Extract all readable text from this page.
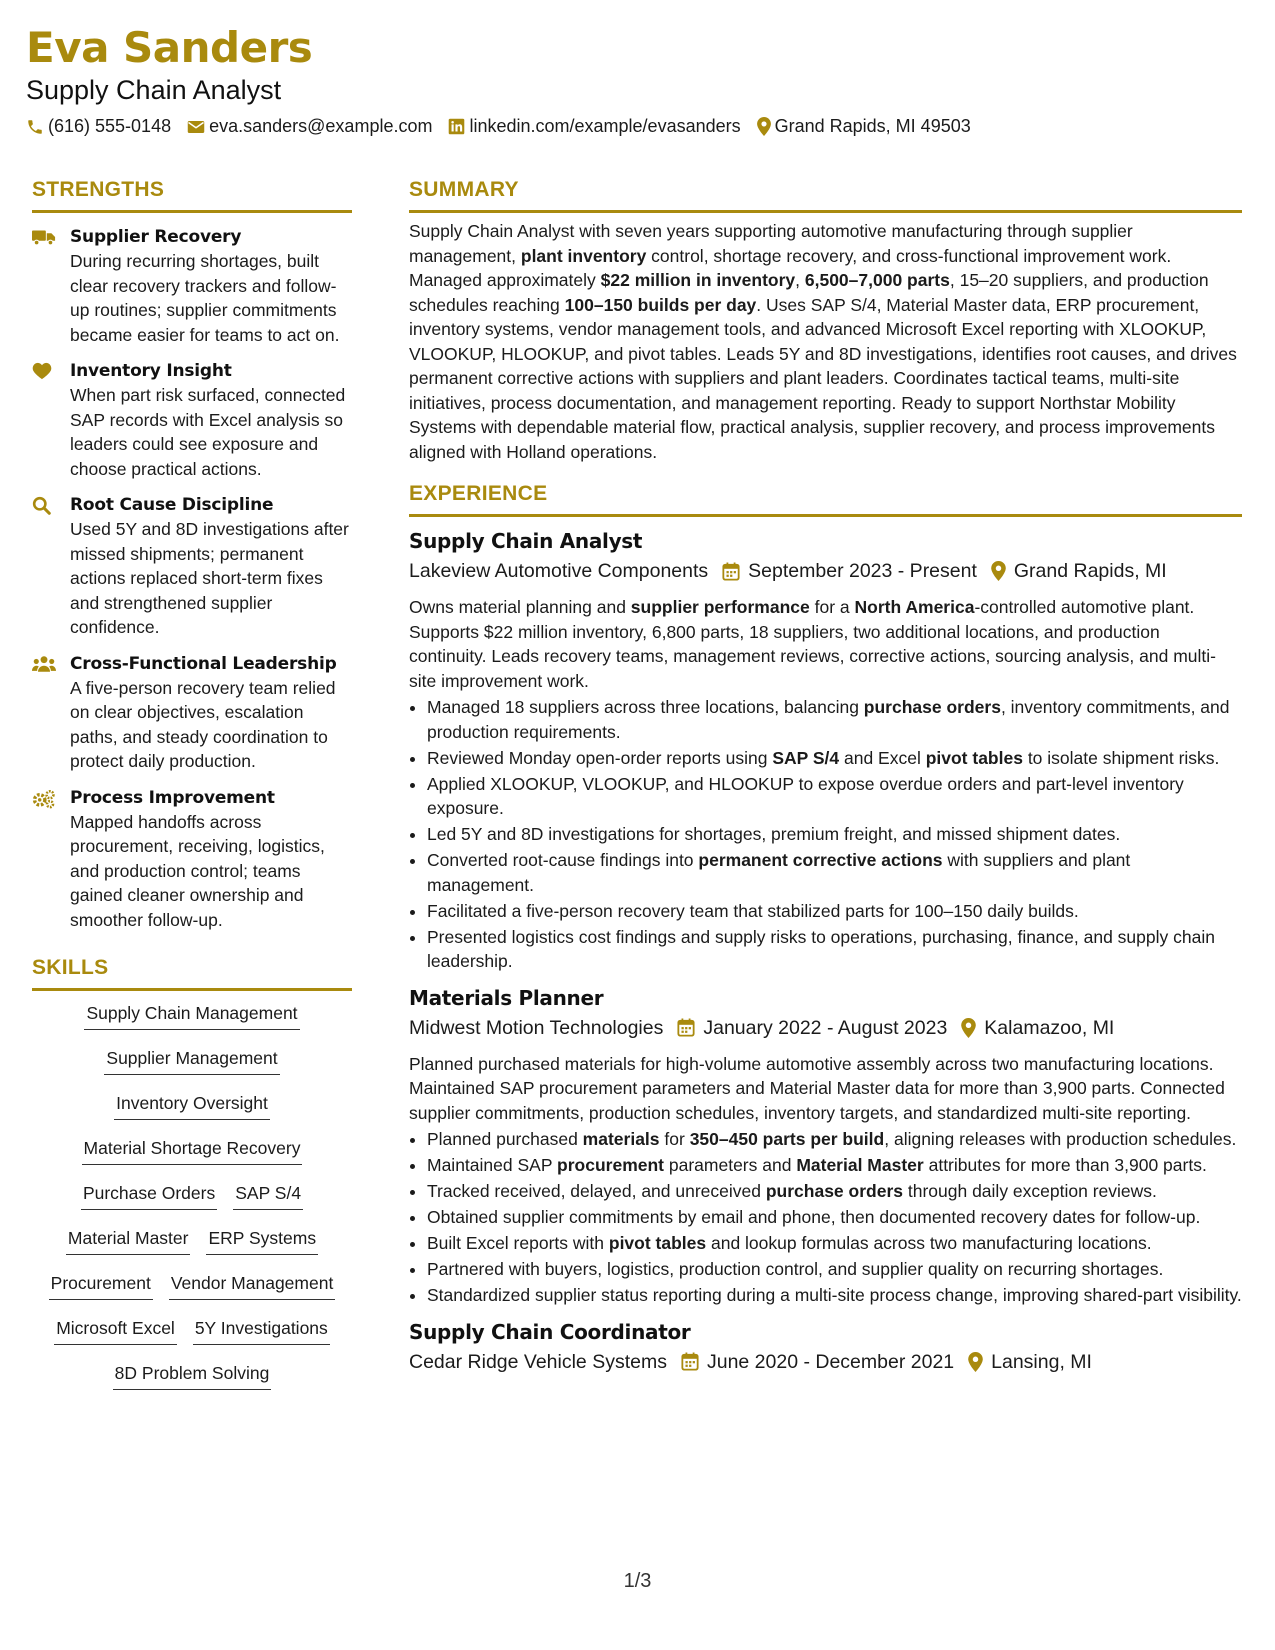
Eva Sanders
Supply Chain Analyst
(616) 555-0148 eva.sanders@example.com linkedin.com/example/evasanders Grand Rapids, MI 49503
STRENGTHS
Supplier Recovery
During recurring shortages, built clear recovery trackers and follow-up routines; supplier commitments became easier for teams to act on.
Inventory Insight
When part risk surfaced, connected SAP records with Excel analysis so leaders could see exposure and choose practical actions.
Root Cause Discipline
Used 5Y and 8D investigations after missed shipments; permanent actions replaced short-term fixes and strengthened supplier confidence.
Cross-Functional Leadership
A five-person recovery team relied on clear objectives, escalation paths, and steady coordination to protect daily production.
Process Improvement
Mapped handoffs across procurement, receiving, logistics, and production control; teams gained cleaner ownership and smoother follow-up.
SKILLS
Supply Chain Management
Supplier Management
Inventory Oversight
Material Shortage Recovery
Purchase Orders SAP S/4
Material Master ERP Systems
Procurement Vendor Management
Microsoft Excel 5Y Investigations
8D Problem Solving
SUMMARY
Supply Chain Analyst with seven years supporting automotive manufacturing through supplier management, plant inventory control, shortage recovery, and cross-functional improvement work. Managed approximately $22 million in inventory, 6,500–7,000 parts, 15–20 suppliers, and production schedules reaching 100–150 builds per day. Uses SAP S/4, Material Master data, ERP procurement, inventory systems, vendor management tools, and advanced Microsoft Excel reporting with XLOOKUP, VLOOKUP, HLOOKUP, and pivot tables. Leads 5Y and 8D investigations, identifies root causes, and drives permanent corrective actions with suppliers and plant leaders. Coordinates tactical teams, multi-site initiatives, process documentation, and management reporting. Ready to support Northstar Mobility Systems with dependable material flow, practical analysis, supplier recovery, and process improvements aligned with Holland operations.
EXPERIENCE
Supply Chain Analyst
Lakeview Automotive Components September 2023 - Present Grand Rapids, MI
Owns material planning and supplier performance for a North America-controlled automotive plant. Supports $22 million inventory, 6,800 parts, 18 suppliers, two additional locations, and production continuity. Leads recovery teams, management reviews, corrective actions, sourcing analysis, and multi-site improvement work.
• Managed 18 suppliers across three locations, balancing purchase orders, inventory commitments, and production requirements.
• Reviewed Monday open-order reports using SAP S/4 and Excel pivot tables to isolate shipment risks.
• Applied XLOOKUP, VLOOKUP, and HLOOKUP to expose overdue orders and part-level inventory exposure.
• Led 5Y and 8D investigations for shortages, premium freight, and missed shipment dates.
• Converted root-cause findings into permanent corrective actions with suppliers and plant management.
• Facilitated a five-person recovery team that stabilized parts for 100–150 daily builds.
• Presented logistics cost findings and supply risks to operations, purchasing, finance, and supply chain leadership.
Materials Planner
Midwest Motion Technologies January 2022 - August 2023 Kalamazoo, MI
Planned purchased materials for high-volume automotive assembly across two manufacturing locations. Maintained SAP procurement parameters and Material Master data for more than 3,900 parts. Connected supplier commitments, production schedules, inventory targets, and standardized multi-site reporting.
• Planned purchased materials for 350–450 parts per build, aligning releases with production schedules.
• Maintained SAP procurement parameters and Material Master attributes for more than 3,900 parts.
• Tracked received, delayed, and unreceived purchase orders through daily exception reviews.
• Obtained supplier commitments by email and phone, then documented recovery dates for follow-up.
• Built Excel reports with pivot tables and lookup formulas across two manufacturing locations.
• Partnered with buyers, logistics, production control, and supplier quality on recurring shortages.
• Standardized supplier status reporting during a multi-site process change, improving shared-part visibility.
Supply Chain Coordinator
Cedar Ridge Vehicle Systems June 2020 - December 2021 Lansing, MI
1/3
